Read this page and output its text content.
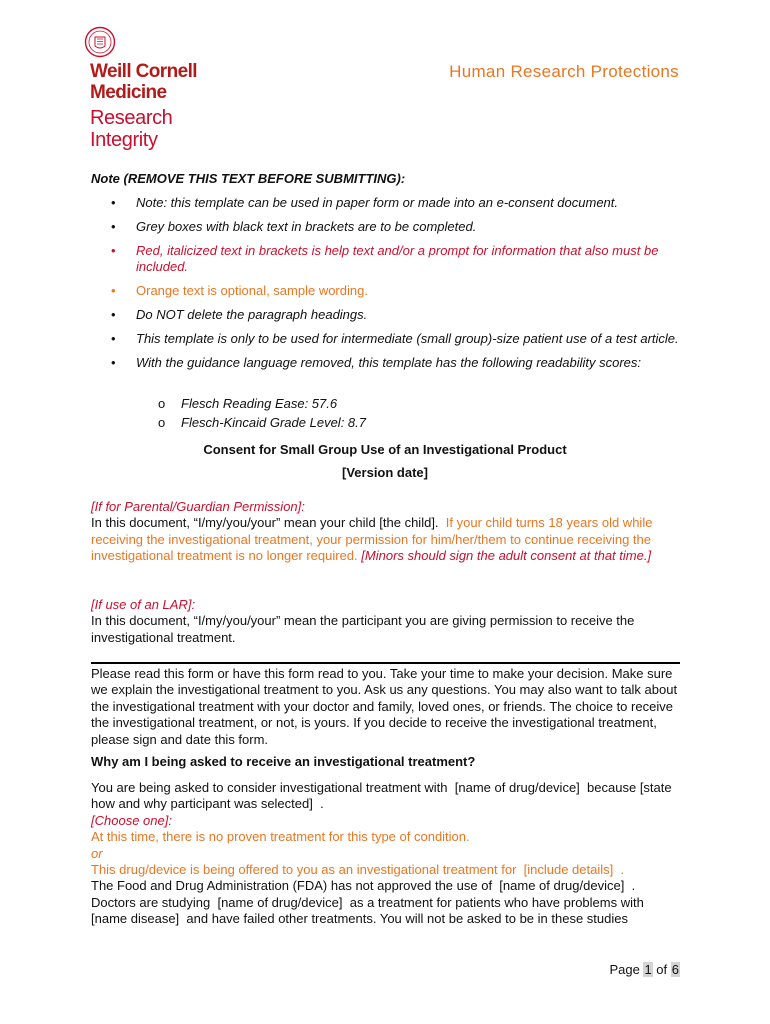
Weill Cornell
Medicine
Research
Integrity
Human Research Protections
Note (REMOVE THIS TEXT BEFORE SUBMITTING):
• Note: this template can be used in paper form or made into an e-consent document.
• Grey boxes with black text in brackets are to be completed.
• Red, italicized text in brackets is help text and/or a prompt for information that also must be included.
• Orange text is optional, sample wording.
• Do NOT delete the paragraph headings.
• This template is only to be used for intermediate (small group)-size patient use of a test article.
• With the guidance language removed, this template has the following readability scores:
o Flesch Reading Ease: 57.6
o Flesch-Kincaid Grade Level: 8.7
Consent for Small Group Use of an Investigational Product
[Version date]

[If for Parental/Guardian Permission]:
In this document, “I/my/you/your” mean your child [the child]. If your child turns 18 years old while receiving the investigational treatment, your permission for him/her/them to continue receiving the investigational treatment is no longer required. [Minors should sign the adult consent at that time.]

[If use of an LAR]:
In this document, “I/my/you/your” mean the participant you are giving permission to receive the investigational treatment.

Please read this form or have this form read to you. Take your time to make your decision. Make sure we explain the investigational treatment to you. Ask us any questions. You may also want to talk about the investigational treatment with your doctor and family, loved ones, or friends. The choice to receive the investigational treatment, or not, is yours. If you decide to receive the investigational treatment, please sign and date this form.

Why am I being asked to receive an investigational treatment?

You are being asked to consider investigational treatment with [name of drug/device] because [state how and why participant was selected] .
[Choose one]:
At this time, there is no proven treatment for this type of condition.
or
This drug/device is being offered to you as an investigational treatment for [include details] .
The Food and Drug Administration (FDA) has not approved the use of [name of drug/device] .
Doctors are studying [name of drug/device] as a treatment for patients who have problems with [name disease] and have failed other treatments. You will not be asked to be in these studies

Page 1 of 6
